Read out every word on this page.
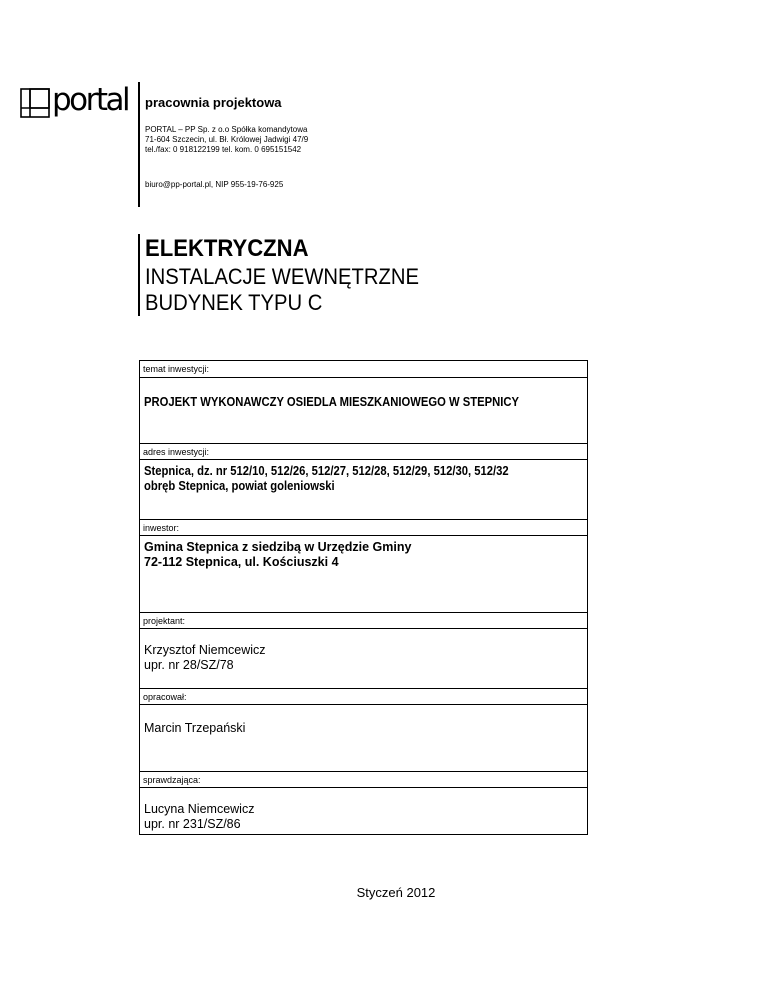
portal pracownia projektowa
PORTAL – PP Sp. z o.o Spółka komandytowa
71-604 Szczecin, ul. Bł. Królowej Jadwigi 47/9
tel./fax: 0 918122199 tel. kom. 0 695151542
biuro@pp-portal.pl, NIP 955-19-76-925
ELEKTRYCZNA
INSTALACJE WEWNĘTRZNE
BUDYNEK TYPU C
temat inwestycji:
PROJEKT WYKONAWCZY OSIEDLA MIESZKANIOWEGO W STEPNICY
adres inwestycji:
Stepnica, dz. nr 512/10, 512/26, 512/27, 512/28, 512/29, 512/30, 512/32
obręb Stepnica, powiat goleniowski
inwestor:
Gmina Stepnica z siedzibą w Urzędzie Gminy
72-112 Stepnica, ul. Kościuszki 4
projektant:
Krzysztof Niemcewicz
upr. nr 28/SZ/78
opracował:
Marcin Trzepański
sprawdzająca:
Lucyna Niemcewicz
upr. nr 231/SZ/86
Styczeń 2012
